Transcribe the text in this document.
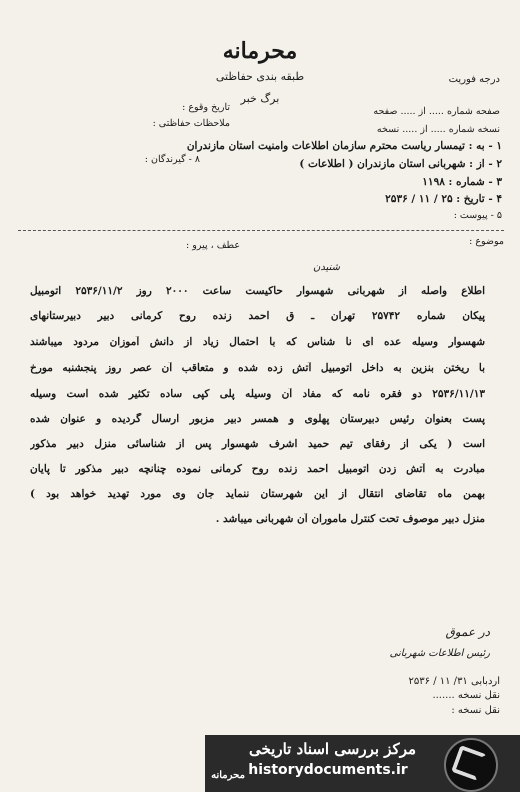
محرمانه
طبقه بندی حفاظتی
برگ خبر
درجه فوریت
صفحه شماره ..... از ..... صفحه
نسخه شماره ..... از ..... نسخه
تاریخ وقوع :
ملاحظات حفاظتی :
۸ - گیرندگان :
۱ - به : تیمسار ریاست محترم سازمان اطلاعات وامنیت استان مازندران
۲ - از : شهربانی استان مازندران ( اطلاعات )
۳ - شماره : ۱۱۹۸
۴ - تاریخ : ۲۵ / ۱۱ / ۲۵۳۶
۵ - پیوست :
موضوع :
عطف ، پیرو :
شنیدن
اطلاع واصله از شهربانی شهسوار حاکیست ساعت ۲۰۰۰ روز ۲۵۳۶/۱۱/۲ اتومبیل
پیکان شماره ۲۵۷۴۲ تهران ـ ق احمد زنده روح کرمانی دبیر دبیرستانهای
شهسوار وسیله عده ای نا شناس که با احتمال زیاد از دانش آموزان مردود میباشند
با ریختن بنزین به داخل اتومبیل آتش زده شده و متعاقب آن عصر روز پنجشنبه مورخ
۲۵۳۶/۱۱/۱۳ دو فقره نامه که مفاد آن وسیله پلی کپی ساده تکثیر شده است وسیله
پست بعنوان رئیس دبیرستان پهلوی و همسر دبیر مزبور ارسال گردیده و عنوان شده
است ( یکی از رفقای تیم حمید اشرف شهسوار پس از شناسائی منزل دبیر مذکور
مبادرت به آتش زدن اتومبیل احمد زنده روح کرمانی نموده چنانچه دبیر مذکور تا پایان
بهمن ماه تقاضای انتقال از این شهرستان ننماید جان وی مورد تهدید خواهد بود )
منزل دبیر موصوف تحت کنترل ماموران آن شهربانی میباشد .
در عموق
رئیس اطلاعات شهربانی
اردبابی ۳۱/ ۱۱ / ۲۵۳۶
نقل نسخه .......
نقل نسخه :
محرمانه
مرکز بررسی اسناد تاریخی
historydocuments.ir
